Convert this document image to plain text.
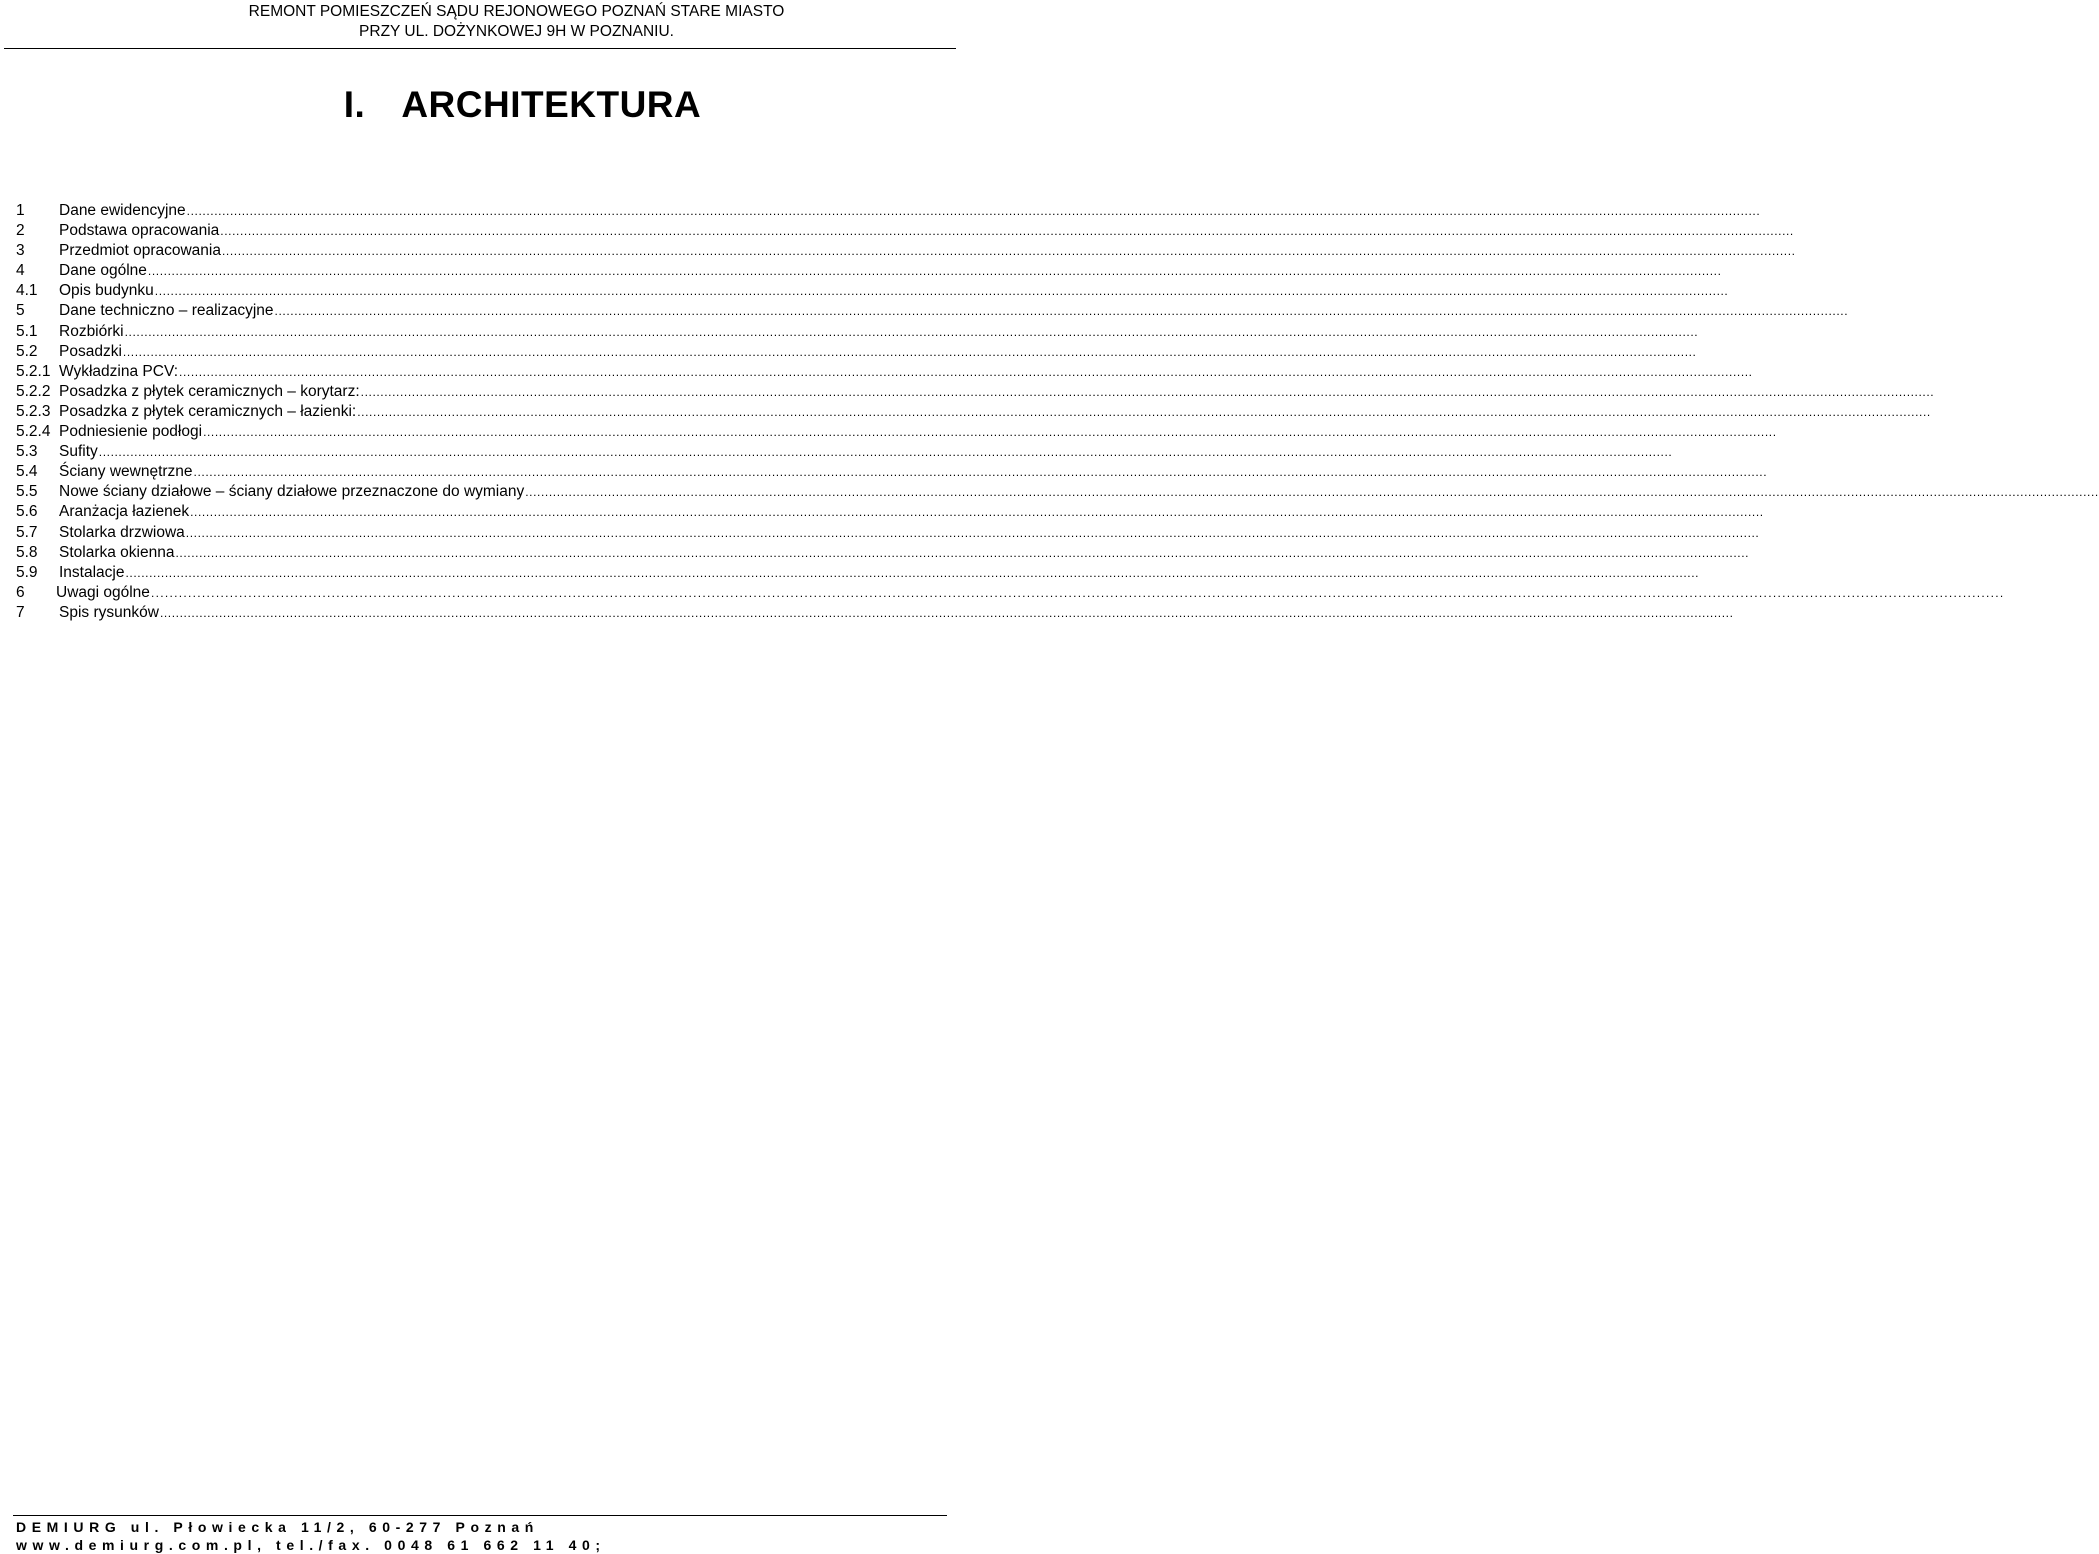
REMONT POMIESZCZEŃ SĄDU REJONOWEGO POZNAŃ STARE MIASTO
PRZY UL. DOŻYNKOWEJ 9H W POZNANIU.
I. ARCHITEKTURA
1	Dane ewidencyjne ................................................................................................................................................................................................................................................................................................................................................................................................................
2	Podstawa opracowania ................................................................................................................................................................................................................................................................................................................................................................................................................
3	Przedmiot opracowania ................................................................................................................................................................................................................................................................................................................................................................................................................
4	Dane ogólne ................................................................................................................................................................................................................................................................................................................................................................................................................
4.1	Opis budynku ................................................................................................................................................................................................................................................................................................................................................................................................................
5	Dane techniczno – realizacyjne ................................................................................................................................................................................................................................................................................................................................................................................................................
5.1	Rozbiórki ................................................................................................................................................................................................................................................................................................................................................................................................................
5.2	Posadzki ................................................................................................................................................................................................................................................................................................................................................................................................................
5.2.1 Wykładzina PCV: ................................................................................................................................................................................................................................................................................................................................................................................................................
5.2.2 Posadzka z płytek ceramicznych – korytarz: ................................................................................................................................................................................................................................................................................................................................................................................................................
5.2.3 Posadzka z płytek ceramicznych – łazienki: ................................................................................................................................................................................................................................................................................................................................................................................................................
5.2.4 Podniesienie podłogi ................................................................................................................................................................................................................................................................................................................................................................................................................
5.3	Sufity ................................................................................................................................................................................................................................................................................................................................................................................................................
5.4	Ściany wewnętrzne ................................................................................................................................................................................................................................................................................................................................................................................................................
5.5	Nowe ściany działowe – ściany działowe przeznaczone do wymiany ................................................................................................................................................................................................................................................................................................................................................................................................................
5.6	Aranżacja łazienek ................................................................................................................................................................................................................................................................................................................................................................................................................
5.7	Stolarka drzwiowa ................................................................................................................................................................................................................................................................................................................................................................................................................
5.8	Stolarka okienna ................................................................................................................................................................................................................................................................................................................................................................................................................
5.9	Instalacje ................................................................................................................................................................................................................................................................................................................................................................................................................
6	Uwagi ogólne ................................................................................................................................................................................................................................................................................................................................................................................................................
7	Spis rysunków ................................................................................................................................................................................................................................................................................................................................................................................................................
DEMIURG ul. Płowiecka 11/2, 60-277 Poznań
www.demiurg.com.pl, tel./fax. 0048 61 662 11 40;
